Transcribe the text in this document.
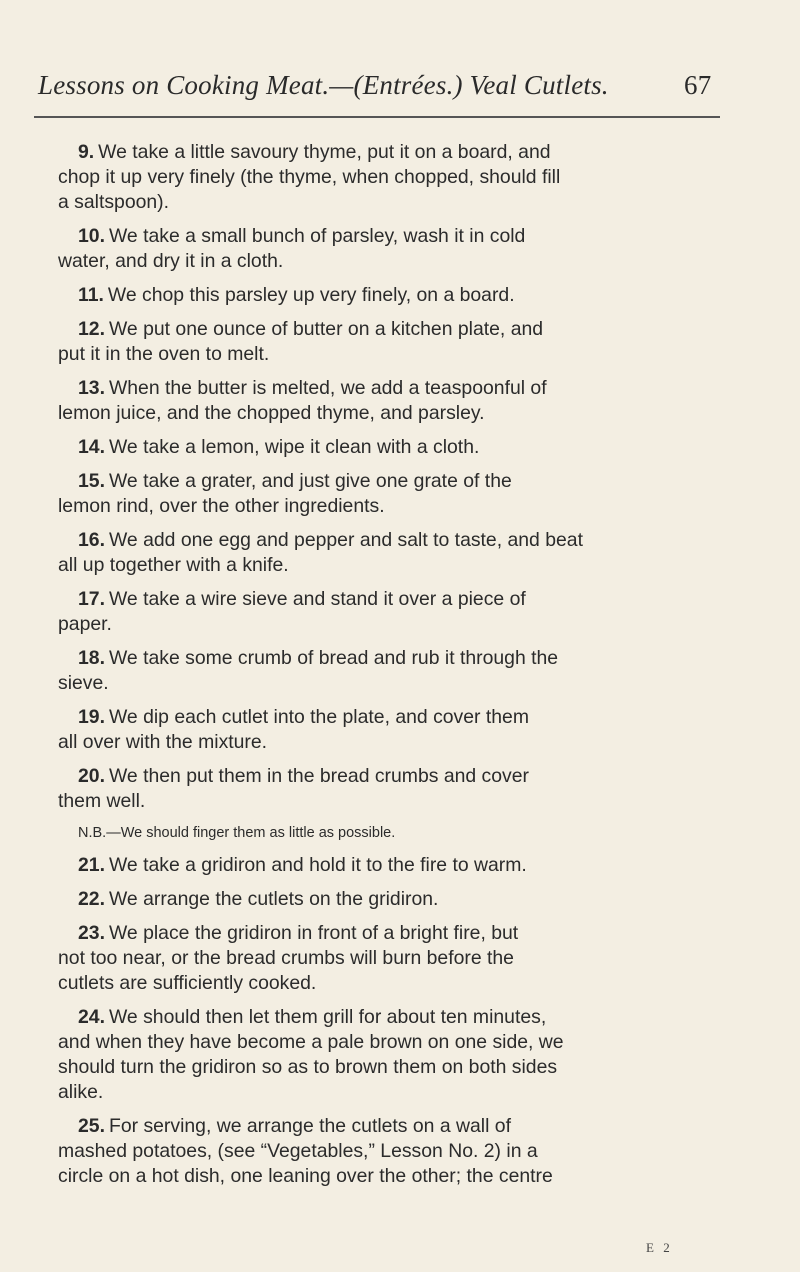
Lessons on Cooking Meat.—(Entrées.) Veal Cutlets.	67
9. We take a little savoury thyme, put it on a board, and
chop it up very finely (the thyme, when chopped, should fill
a saltspoon).
10. We take a small bunch of parsley, wash it in cold
water, and dry it in a cloth.
11. We chop this parsley up very finely, on a board.
12. We put one ounce of butter on a kitchen plate, and
put it in the oven to melt.
13. When the butter is melted, we add a teaspoonful of
lemon juice, and the chopped thyme, and parsley.
14. We take a lemon, wipe it clean with a cloth.
15. We take a grater, and just give one grate of the
lemon rind, over the other ingredients.
16. We add one egg and pepper and salt to taste, and beat
all up together with a knife.
17. We take a wire sieve and stand it over a piece of
paper.
18. We take some crumb of bread and rub it through the
sieve.
19. We dip each cutlet into the plate, and cover them
all over with the mixture.
20. We then put them in the bread crumbs and cover
them well.
N.B.—We should finger them as little as possible.
21. We take a gridiron and hold it to the fire to warm.
22. We arrange the cutlets on the gridiron.
23. We place the gridiron in front of a bright fire, but
not too near, or the bread crumbs will burn before the
cutlets are sufficiently cooked.
24. We should then let them grill for about ten minutes,
and when they have become a pale brown on one side, we
should turn the gridiron so as to brown them on both sides
alike.
25. For serving, we arrange the cutlets on a wall of
mashed potatoes, (see “Vegetables,” Lesson No. 2) in a
circle on a hot dish, one leaning over the other; the centre
E 2
